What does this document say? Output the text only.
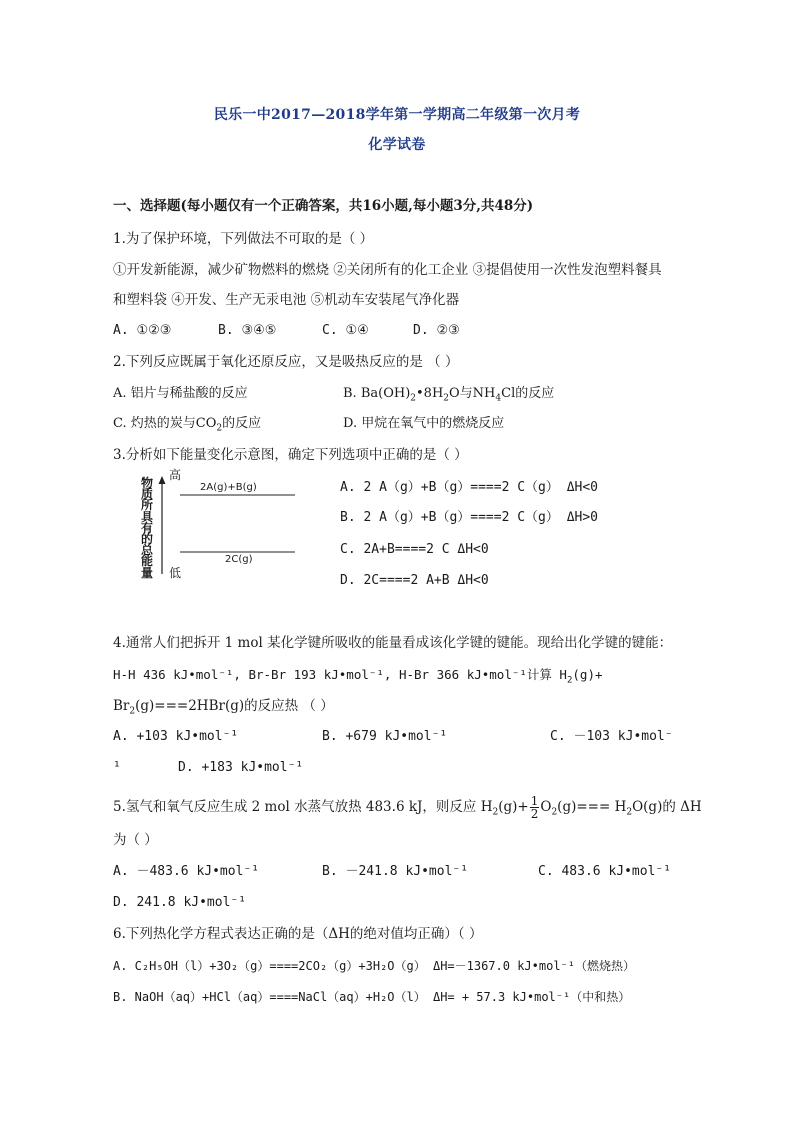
民乐一中2017—2018学年第一学期高二年级第一次月考
化学试卷
一、选择题(每小题仅有一个正确答案，共16小题,每小题3分,共48分)
1.为了保护环境，下列做法不可取的是（ ）
①开发新能源，减少矿物燃料的燃烧 ②关闭所有的化工企业 ③提倡使用一次性发泡塑料餐具
和塑料袋 ④开发、生产无汞电池 ⑤机动车安装尾气净化器
A. ①②③	B. ③④⑤	C. ①④	D. ②③
2.下列反应既属于氧化还原反应，又是吸热反应的是 （ ）
A. 铝片与稀盐酸的反应	B. $Ba(OH)_2•8H_2O$与$NH_4Cl$的反应
C. 灼热的炭与$CO_2$的反应	D. 甲烷在氧气中的燃烧反应
3.分析如下能量变化示意图，确定下列选项中正确的是（ ）
物
质
所
具
有
的
总
能
量
高
低
2A(g)+B(g)
2C(g)
A. 2 A（g）+B（g）====2 C（g） ΔH<0
B. 2 A（g）+B（g）====2 C（g） ΔH>0
C. 2A+B====2 C ΔH<0
D. 2C====2 A+B ΔH<0
4.通常人们把拆开 1 mol 某化学键所吸收的能量看成该化学键的键能。现给出化学键的键能：
H-H 436 kJ•mol⁻¹, Br-Br 193 kJ•mol⁻¹, H-Br 366 kJ•mol⁻¹计算 $H_2(g)+$
$Br_2(g)===2HBr(g)$的反应热 （ ）
A. +103 kJ•mol⁻¹	B. +679 kJ•mol⁻¹	C. －103 kJ•mol⁻
¹	D. +183 kJ•mol⁻¹
5.氢气和氧气反应生成 2 mol 水蒸气放热 483.6 kJ，则反应 $H_2(g)+ \frac{1}{2} O_2(g)=== H_2O(g)$的 ΔH
为（ ）
A. －483.6 kJ•mol⁻¹	B. －241.8 kJ•mol⁻¹	C. 483.6 kJ•mol⁻¹
D. 241.8 kJ•mol⁻¹
6.下列热化学方程式表达正确的是（ΔH的绝对值均正确）（ ）
A. C₂H₅OH（l）+3O₂（g）====2CO₂（g）+3H₂O（g） ΔH=－1367.0 kJ•mol⁻¹（燃烧热）
B. NaOH（aq）+HCl（aq）====NaCl（aq）+H₂O（l） ΔH= + 57.3 kJ•mol⁻¹（中和热）
